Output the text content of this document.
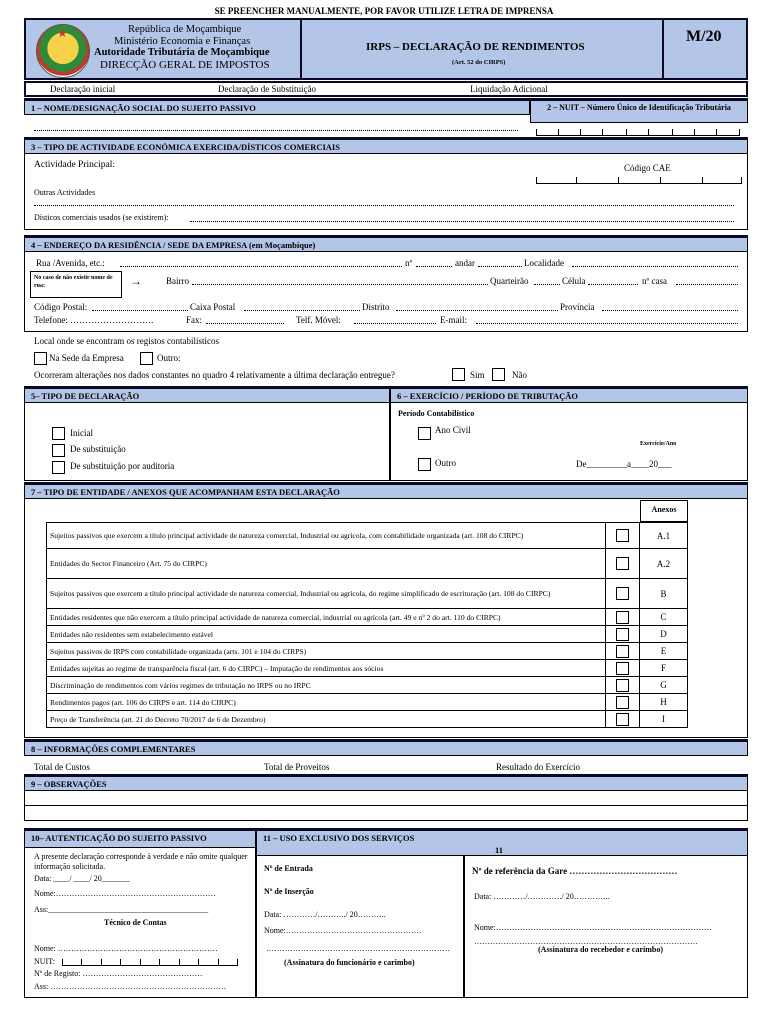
SE PREENCHER MANUALMENTE, POR FAVOR UTILIZE LETRA DE IMPRENSA
★	República de Moçambique
Ministério Economia e Finanças
Autoridade Tributária de Moçambique
DIRECÇÃO GERAL DE IMPOSTOS
IRPS – DECLARAÇÃO DE RENDIMENTOS
(Art. 52 do CIRPS)
M/20
Declaração inicial	Declaração de Substituição	Liquidação Adicional
1 – NOME/DESIGNAÇÃO SOCIAL DO SUJEITO PASSIVO	2 – NUIT – Número Único de Identificação Tributária
3 – TIPO DE ACTIVIDADE ECONÓMICA EXERCIDA/DÍSTICOS COMERCIAIS
Actividade Principal:	Código CAE
Outras Actividades
Dísticos comerciais usados (se existirem):
4 – ENDEREÇO DA RESIDÊNCIA / SEDE DA EMPRESA (em Moçambique)
Rua /Avenida, etc.:	nº	andar	Localidade
No caso de não existir nome de rua:	→	Bairro	Quarteirão	Célula	nº casa
Código Postal:	Caixa Postal	Distrito	Província
Telefone: ……………………….	Fax:	Telf. Móvel:	E-mail:
Local onde se encontram os registos contabilísticos
Na Sede da Empresa	Outro:
Ocorreram alterações nos dados constantes no quadro 4 relativamente a última declaração entregue?	Sim	Não
5– TIPO DE DECLARAÇÃO	6 – EXERCÍCIO / PERÍODO DE TRIBUTAÇÃO
Inicial
De substituição
De substituição por auditoria
Período Contabilístico
Ano Civil
Exercício/Ano
Outro	De_________a____20___
7 – TIPO DE ENTIDADE / ANEXOS QUE ACOMPANHAM ESTA DECLARAÇÃO
Anexos
Sujeitos passivos que exercem a título principal actividade de natureza comercial, Industrial ou agrícola, com contabilidade organizada (art. 108 do CIRPC)		A.1
Entidades do Sector Financeiro (Art. 75 do CIRPC)		A.2
Sujeitos passivos que exercem a título principal actividade de natureza comercial, Industrial ou agrícola, do regime simplificado de escrituração (art. 108 do CIRPC)		B
Entidades residentes que não exercem a título principal actividade de natureza comercial, industrial ou agrícola (art. 49 e nº 2 do art. 110 do CIRPC)		C
Entidades não residentes sem estabelecimento estável		D
Sujeitos passivos de IRPS com contabilidade organizada (arts. 101 e 104 do CIRPS)		E
Entidades sujeitas ao regime de transparência fiscal (art. 6 do CIRPC) – Imputação de rendimentos aos sócios		F
Discriminação de rendimentos com vários regimes de tributação no IRPS ou no IRPC		G
Rendimentos pagos (art. 106 do CIRPS e art. 114 do CIRPC)		H
Preço de Transferência (art. 21 do Decreto 70/2017 de 6 de Dezembro)		I
8 – INFORMAÇÕES COMPLEMENTARES
Total de Custos	Total de Proveitos	Resultado do Exercício
9 – OBSERVAÇÕES
10– AUTENTICAÇÃO DO SUJEITO PASSIVO
A presente declaração corresponde à verdade e não omite qualquer informação solicitada.
Data: ____/ ____/ 20_______
Nome:……………………………………………………
Ass:________________________________________
Técnico de Contas
Nome: ……………………………………………………
NUIT:
Nº de Registo: ………………………………………
Ass: …………………………………………………………
11 – USO EXCLUSIVO DOS SERVIÇOS
11
Nº de Entrada
Nº de Inserção
Data: …………/………../ 20………..
Nome:……………………………………………
……………………………………………………………
(Assinatura do funcionário e carimbo)
Nº de referência da Gare ………………………………
Data: …………/…………./ 20…………..
Nome:………………………………………………………………………
…………………………………………………………………………
(Assinatura do recebedor e carimbo)
